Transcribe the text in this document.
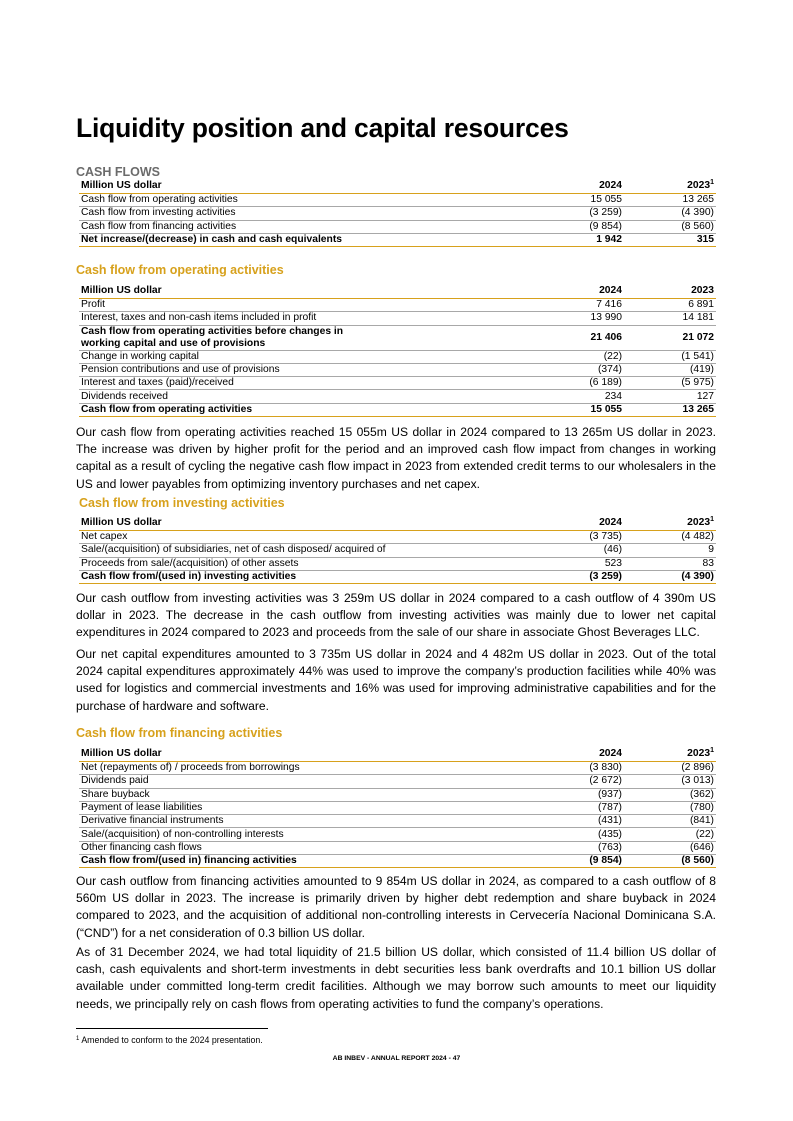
Liquidity position and capital resources
CASH FLOWS
Million US dollar	2024	2023$^1$
Cash flow from operating activities	15 055	13 265
Cash flow from investing activities	(3 259)	(4 390)
Cash flow from financing activities	(9 854)	(8 560)
Net increase/(decrease) in cash and cash equivalents	1 942	315
Cash flow from operating activities
Million US dollar	2024	2023
Profit	7 416	6 891
Interest, taxes and non-cash items included in profit	13 990	14 181
Cash flow from operating activities before changes in working capital and use of provisions	21 406	21 072
Change in working capital	(22)	(1 541)
Pension contributions and use of provisions	(374)	(419)
Interest and taxes (paid)/received	(6 189)	(5 975)
Dividends received	234	127
Cash flow from operating activities	15 055	13 265

Our cash flow from operating activities reached 15 055m US dollar in 2024 compared to 13 265m US dollar in 2023. The increase was driven by higher profit for the period and an improved cash flow impact from changes in working capital as a result of cycling the negative cash flow impact in 2023 from extended credit terms to our wholesalers in the US and lower payables from optimizing inventory purchases and net capex.

Cash flow from investing activities
Million US dollar	2024	2023$^1$
Net capex	(3 735)	(4 482)
Sale/(acquisition) of subsidiaries, net of cash disposed/ acquired of	(46)	9
Proceeds from sale/(acquisition) of other assets	523	83
Cash flow from/(used in) investing activities	(3 259)	(4 390)

Our cash outflow from investing activities was 3 259m US dollar in 2024 compared to a cash outflow of 4 390m US dollar in 2023. The decrease in the cash outflow from investing activities was mainly due to lower net capital expenditures in 2024 compared to 2023 and proceeds from the sale of our share in associate Ghost Beverages LLC.

Our net capital expenditures amounted to 3 735m US dollar in 2024 and 4 482m US dollar in 2023. Out of the total 2024 capital expenditures approximately 44% was used to improve the company’s production facilities while 40% was used for logistics and commercial investments and 16% was used for improving administrative capabilities and for the purchase of hardware and software.

Cash flow from financing activities
Million US dollar	2024	2023$^1$
Net (repayments of) / proceeds from borrowings	(3 830)	(2 896)
Dividends paid	(2 672)	(3 013)
Share buyback	(937)	(362)
Payment of lease liabilities	(787)	(780)
Derivative financial instruments	(431)	(841)
Sale/(acquisition) of non-controlling interests	(435)	(22)
Other financing cash flows	(763)	(646)
Cash flow from/(used in) financing activities	(9 854)	(8 560)

Our cash outflow from financing activities amounted to 9 854m US dollar in 2024, as compared to a cash outflow of 8 560m US dollar in 2023. The increase is primarily driven by higher debt redemption and share buyback in 2024 compared to 2023, and the acquisition of additional non-controlling interests in Cervecería Nacional Dominicana S.A. (“CND”) for a net consideration of 0.3 billion US dollar.

As of 31 December 2024, we had total liquidity of 21.5 billion US dollar, which consisted of 11.4 billion US dollar of cash, cash equivalents and short-term investments in debt securities less bank overdrafts and 10.1 billion US dollar available under committed long-term credit facilities. Although we may borrow such amounts to meet our liquidity needs, we principally rely on cash flows from operating activities to fund the company’s operations.

$^1$ Amended to conform to the 2024 presentation.

AB INBEV - ANNUAL REPORT 2024 - 47
